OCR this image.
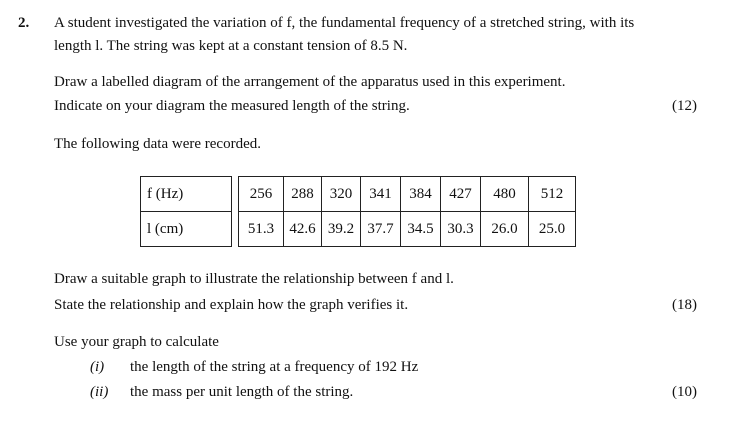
2. A student investigated the variation of f, the fundamental frequency of a stretched string, with its
length l. The string was kept at a constant tension of 8.5 N.
Draw a labelled diagram of the arrangement of the apparatus used in this experiment.
Indicate on your diagram the measured length of the string.	(12)
The following data were recorded.
f (Hz)		256	288	320	341	384	427	480	512
l (cm)		51.3	42.6	39.2	37.7	34.5	30.3	26.0	25.0
Draw a suitable graph to illustrate the relationship between f and l.
State the relationship and explain how the graph verifies it.	(18)
Use your graph to calculate
(i) the length of the string at a frequency of 192 Hz
(ii) the mass per unit length of the string.	(10)
